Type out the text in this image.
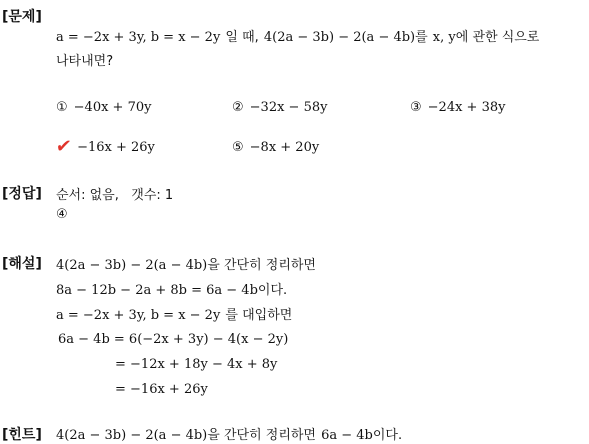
[문제]
a = −2x + 3y, b = x − 2y 일 때, 4(2a − 3b) − 2(a − 4b)를 x, y에 관한 식으로
나타내면?
① −40x + 70y	② −32x − 58y	③ −24x + 38y
✔ −16x + 26y	⑤ −8x + 20y
[정답] 순서: 없음,   갯수: 1
④
[해설] 4(2a − 3b) − 2(a − 4b)을 간단히 정리하면
8a − 12b − 2a + 8b = 6a − 4b이다.
a = −2x + 3y, b = x − 2y 를 대입하면
6a − 4b = 6(−2x + 3y) − 4(x − 2y)
= −12x + 18y − 4x + 8y
= −16x + 26y
[힌트] 4(2a − 3b) − 2(a − 4b)을 간단히 정리하면 6a − 4b이다.
